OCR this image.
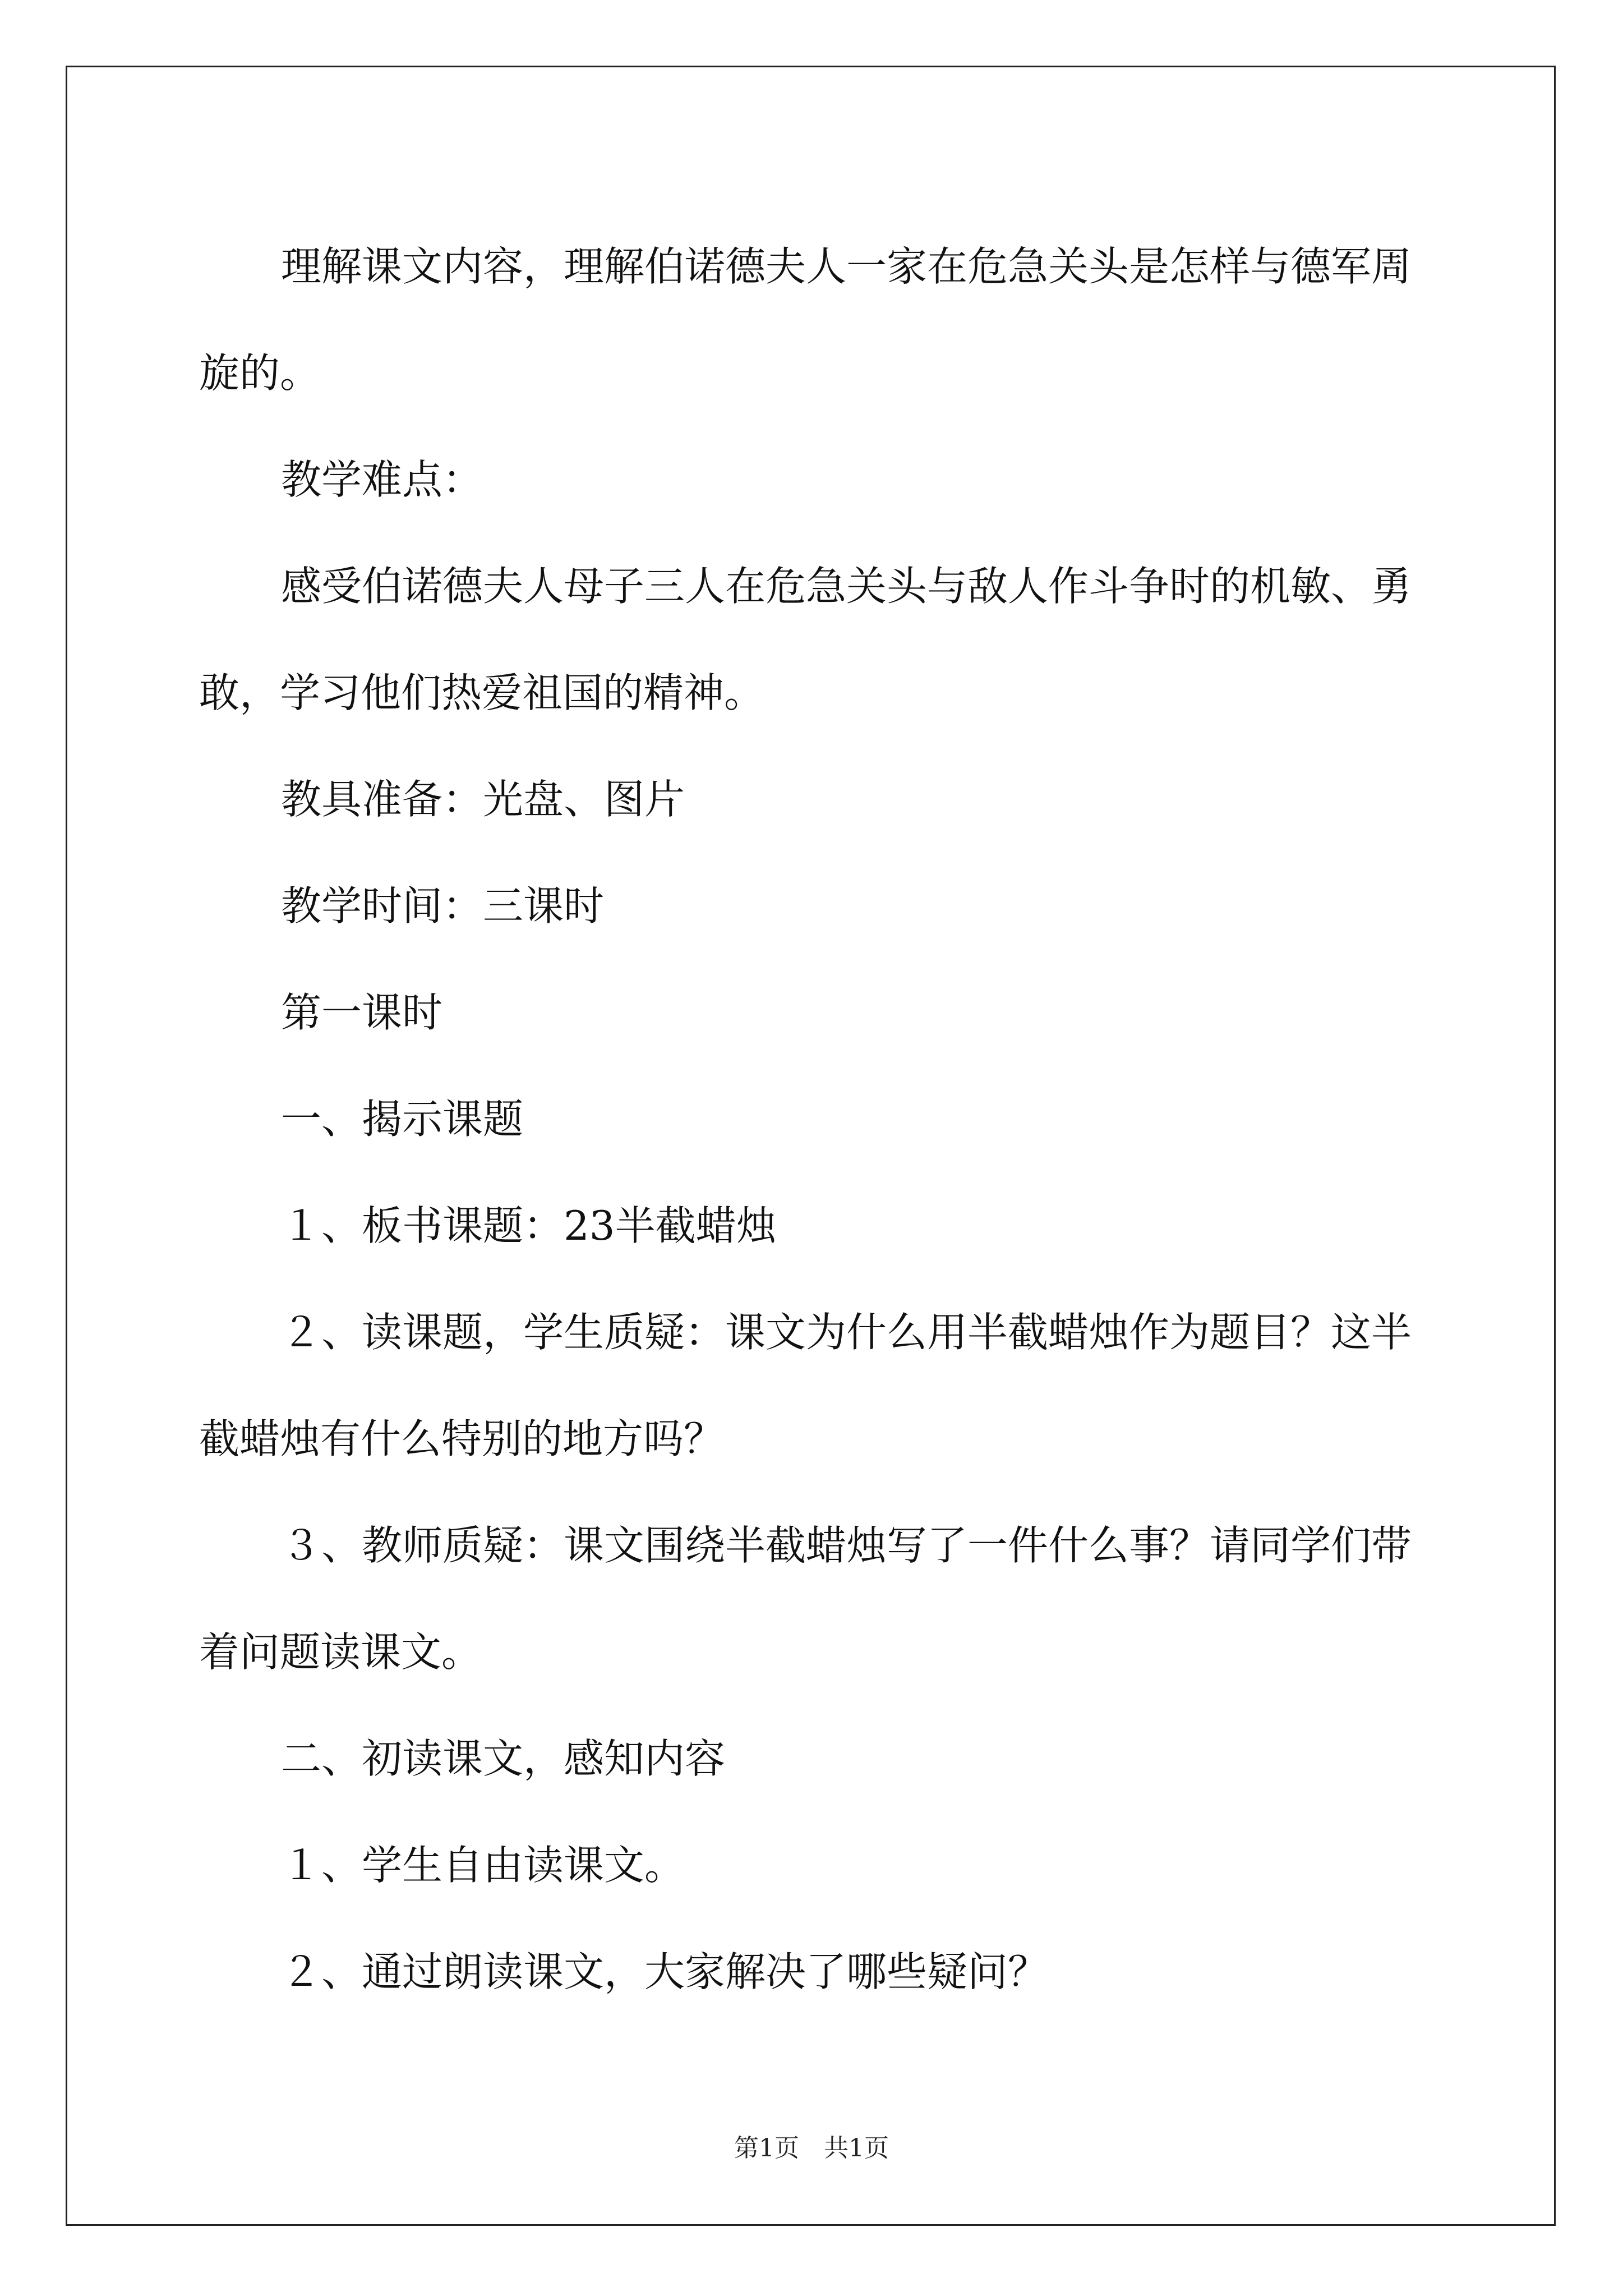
理解课文内容，理解伯诺德夫人一家在危急关头是怎样与德军周旋的。

教学难点：

感受伯诺德夫人母子三人在危急关头与敌人作斗争时的机敏、勇敢，学习他们热爱祖国的精神。

教具准备：光盘、图片

教学时间：三课时

第一课时

一、揭示课题

１、板书课题：23半截蜡烛

２、读课题，学生质疑：课文为什么用半截蜡烛作为题目？这半截蜡烛有什么特别的地方吗？

３、教师质疑：课文围绕半截蜡烛写了一件什么事？请同学们带着问题读课文。

二、初读课文，感知内容

１、学生自由读课文。

２、通过朗读课文，大家解决了哪些疑问？

第1页　共1页
